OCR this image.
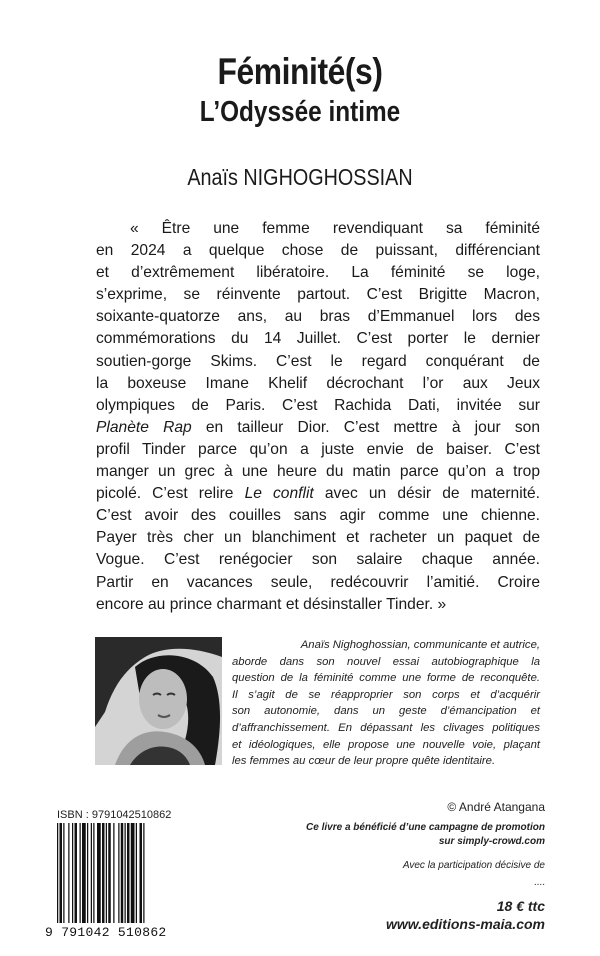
Féminité(s)
L’Odyssée intime
Anaïs NIGHOGHOSSIAN
« Être une femme revendiquant sa féminité
en 2024 a quelque chose de puissant, différenciant
et d’extrêmement libératoire. La féminité se loge,
s’exprime, se réinvente partout. C’est Brigitte Macron,
soixante-quatorze ans, au bras d’Emmanuel lors des
commémorations du 14 Juillet. C’est porter le dernier
soutien-gorge Skims. C’est le regard conquérant de
la boxeuse Imane Khelif décrochant l’or aux Jeux
olympiques de Paris. C’est Rachida Dati, invitée sur
Planète Rap en tailleur Dior. C’est mettre à jour son
profil Tinder parce qu’on a juste envie de baiser. C’est
manger un grec à une heure du matin parce qu’on a trop
picolé. C’est relire Le conflit avec un désir de maternité.
C’est avoir des couilles sans agir comme une chienne.
Payer très cher un blanchiment et racheter un paquet de
Vogue. C’est renégocier son salaire chaque année.
Partir en vacances seule, redécouvrir l’amitié. Croire
encore au prince charmant et désinstaller Tinder. »
Anaïs Nighoghossian, communicante et autrice,
aborde dans son nouvel essai autobiographique la
question de la féminité comme une forme de reconquête.
Il s’agit de se réapproprier son corps et d’acquérir
son autonomie, dans un geste d’émancipation et
d’affranchissement. En dépassant les clivages politiques
et idéologiques, elle propose une nouvelle voie, plaçant
les femmes au cœur de leur propre quête identitaire.
ISBN : 9791042510862
9 791042 510862
© André Atangana
Ce livre a bénéficié d’une campagne de promotion
sur simply-crowd.com
Avec la participation décisive de
....
18 € ttc
www.editions-maia.com
